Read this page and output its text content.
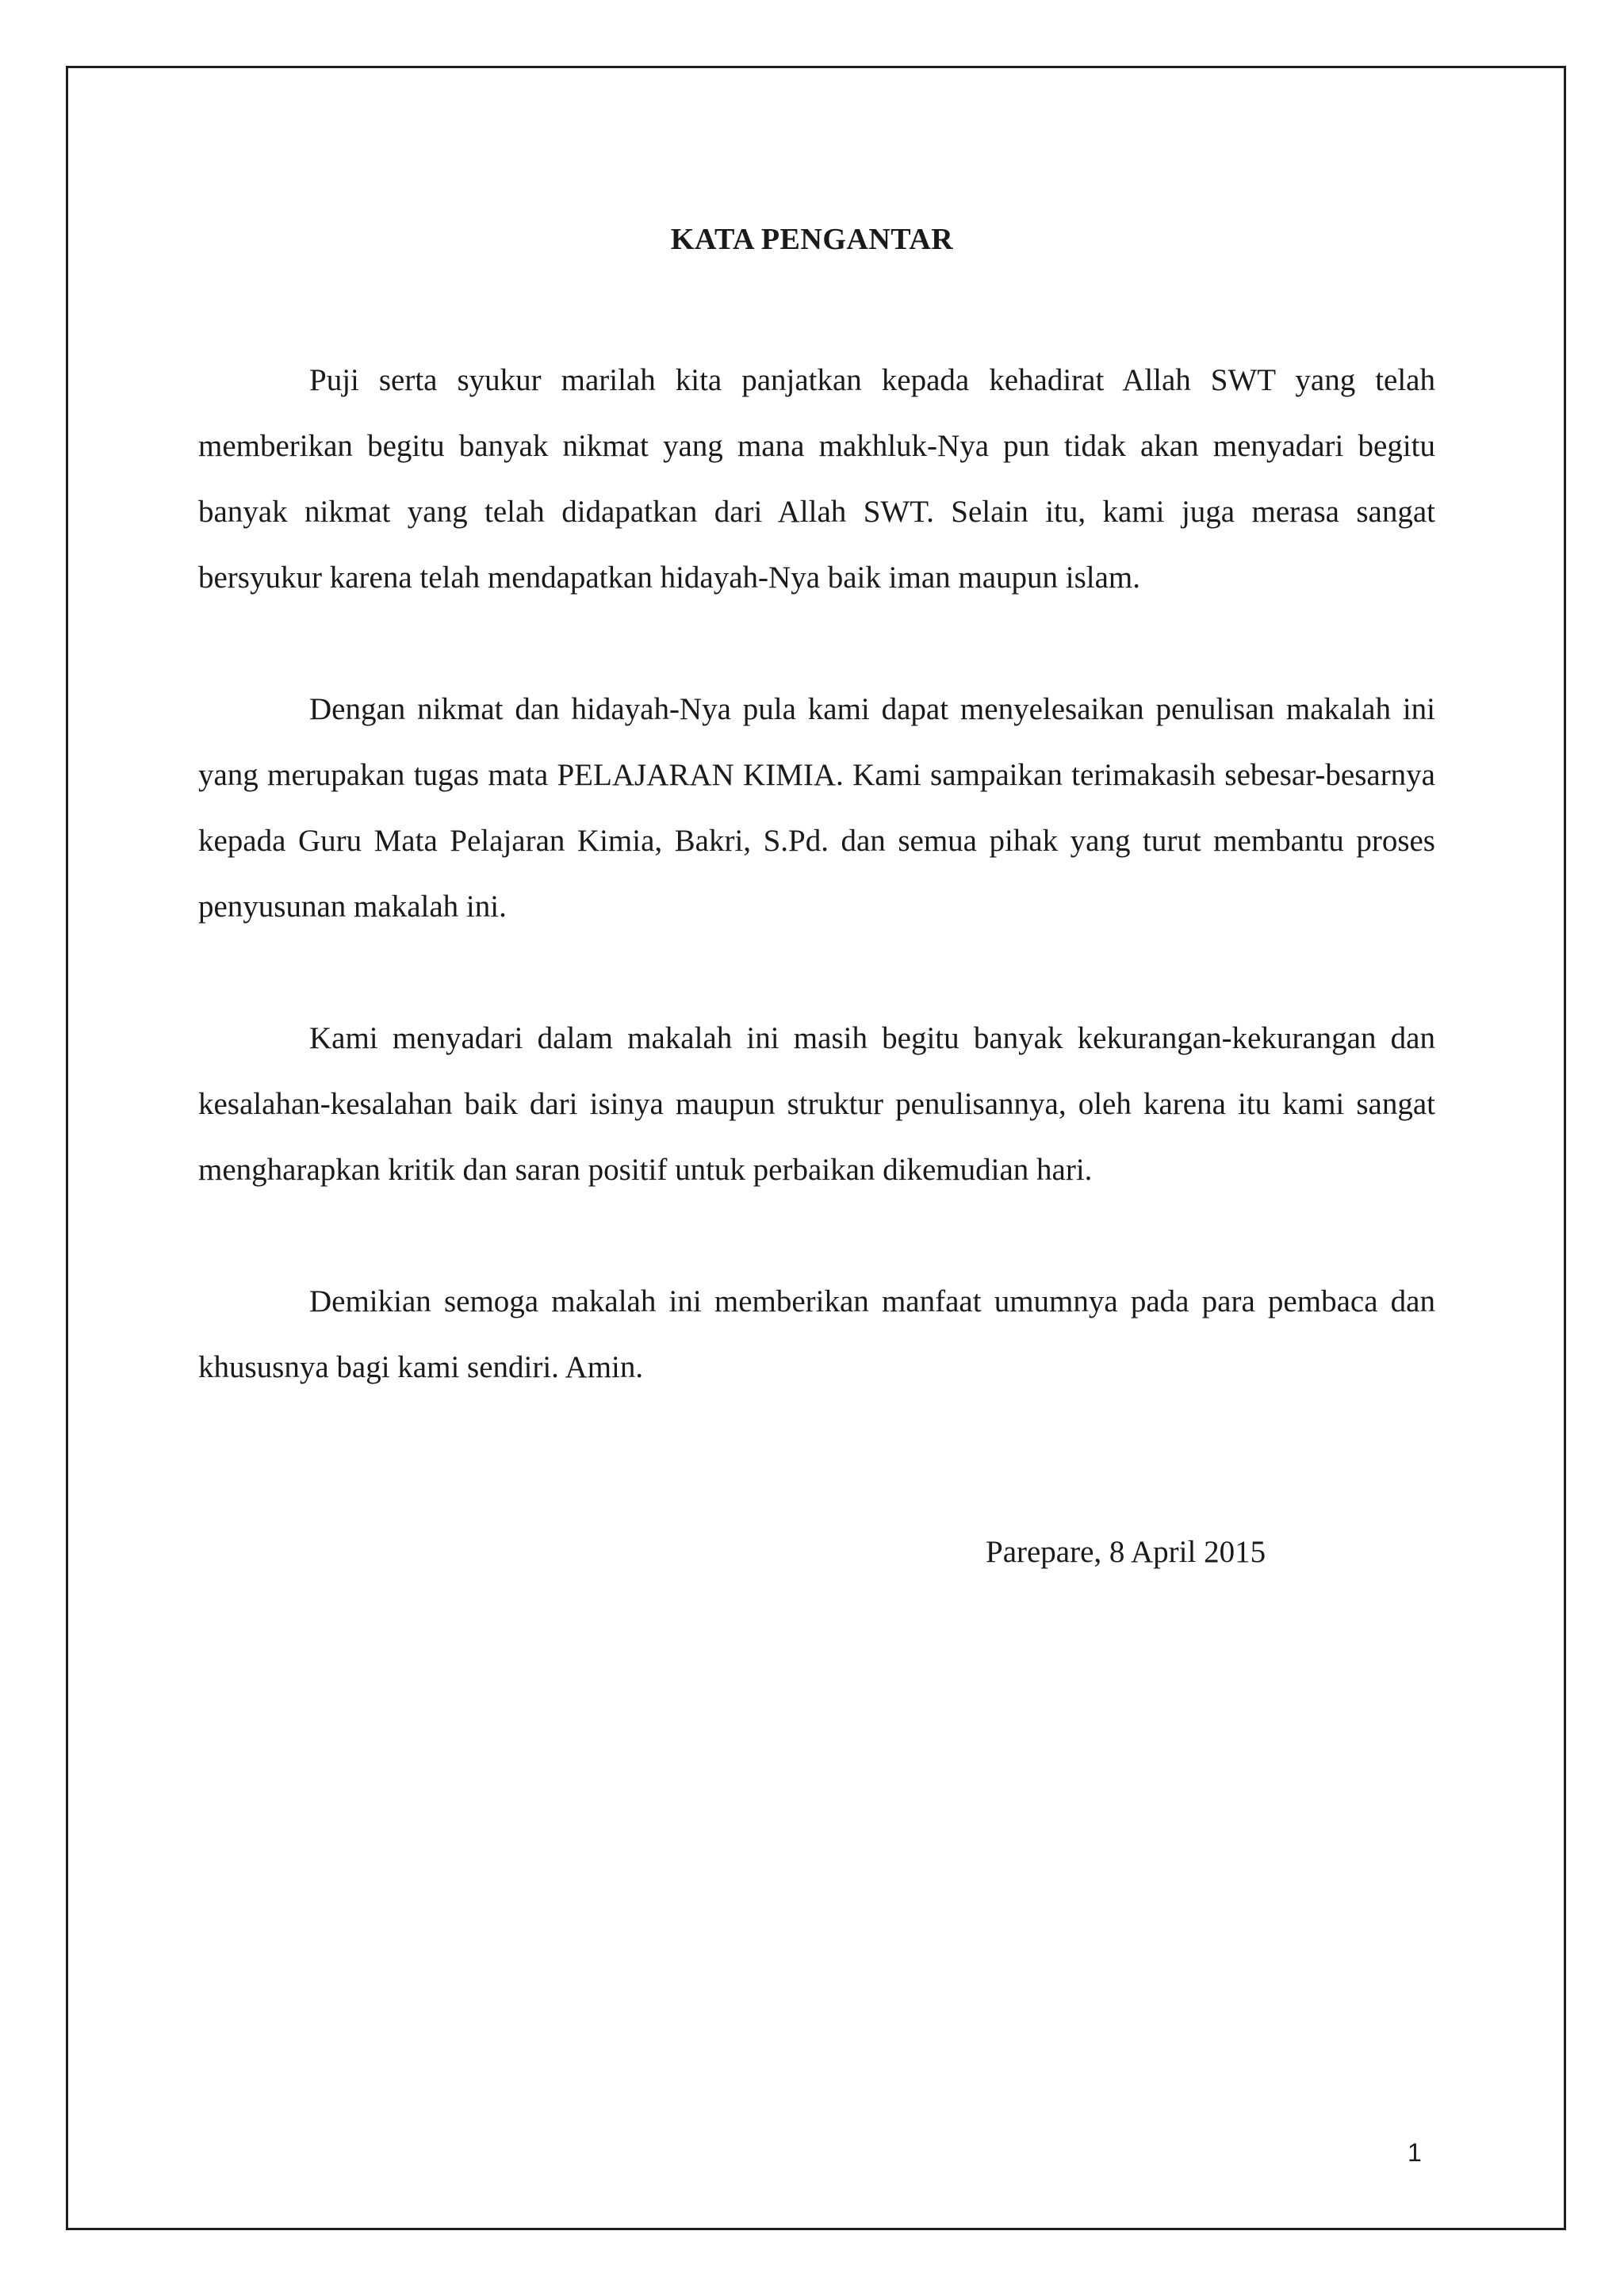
KATA PENGANTAR

Puji serta syukur marilah kita panjatkan kepada kehadirat Allah SWT yang telah memberikan begitu banyak nikmat yang mana makhluk-Nya pun tidak akan menyadari begitu banyak nikmat yang telah didapatkan dari Allah SWT. Selain itu, kami juga merasa sangat bersyukur karena telah mendapatkan hidayah-Nya baik iman maupun islam.

Dengan nikmat dan hidayah-Nya pula kami dapat menyelesaikan penulisan makalah ini yang merupakan tugas mata PELAJARAN KIMIA. Kami sampaikan terimakasih sebesar-besarnya kepada Guru Mata Pelajaran Kimia, Bakri, S.Pd. dan semua pihak yang turut membantu proses penyusunan makalah ini.

Kami menyadari dalam makalah ini masih begitu banyak kekurangan-kekurangan dan kesalahan-kesalahan baik dari isinya maupun struktur penulisannya, oleh karena itu kami sangat mengharapkan kritik dan saran positif untuk perbaikan dikemudian hari.

Demikian semoga makalah ini memberikan manfaat umumnya pada para pembaca dan khususnya bagi kami sendiri. Amin.

Parepare, 8 April 2015
1
